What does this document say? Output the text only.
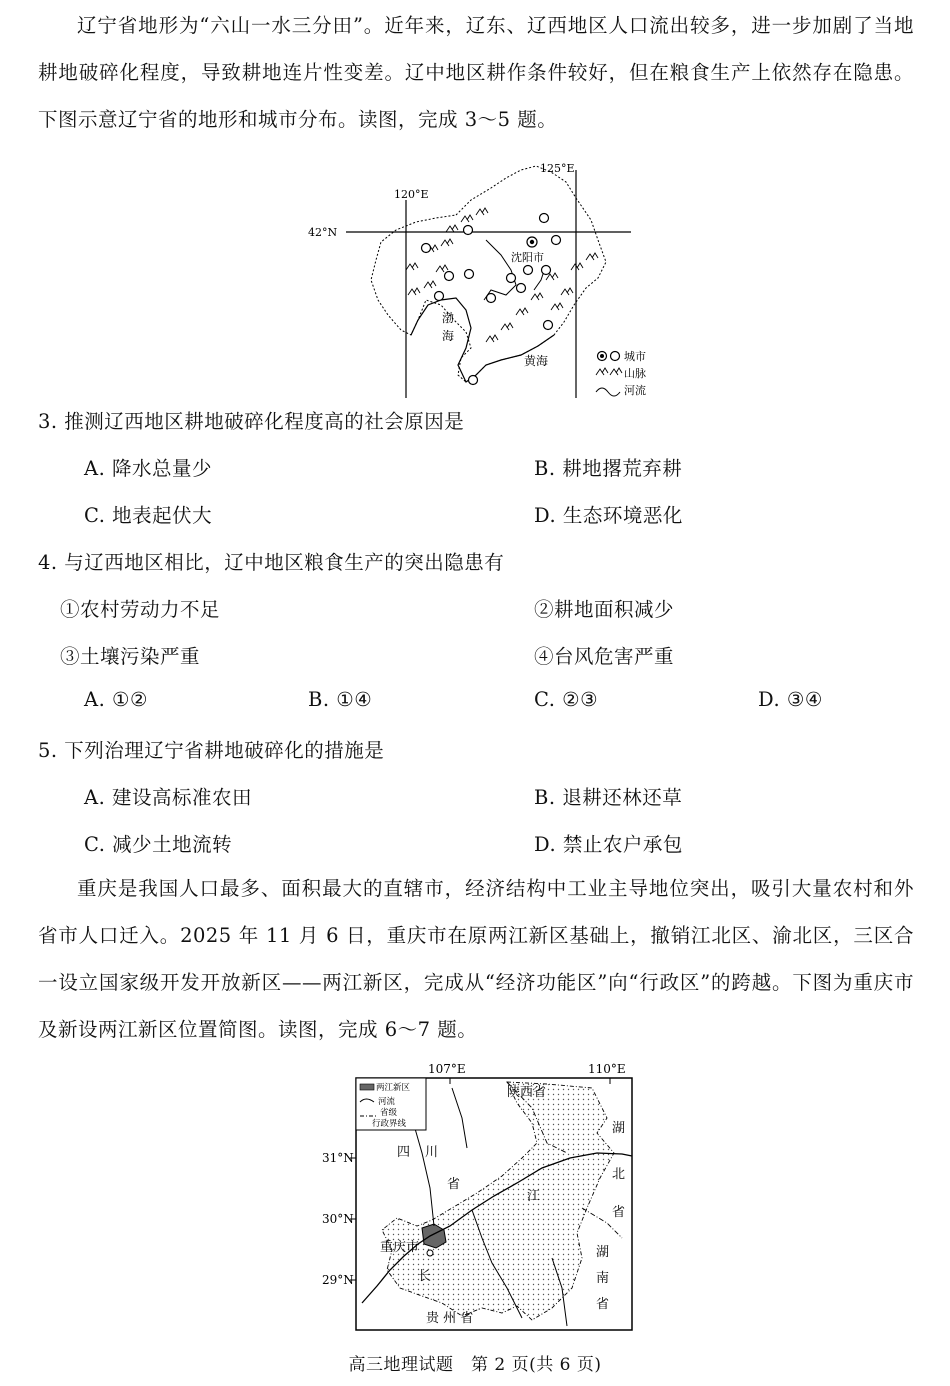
辽宁省地形为“六山一水三分田”。近年来，辽东、辽西地区人口流出较多，进一步加剧了当地耕地破碎化程度，导致耕地连片性变差。辽中地区耕作条件较好，但在粮食生产上依然存在隐患。下图示意辽宁省的地形和城市分布。读图，完成 3～5 题。
120°E
125°E
42°N
沈阳市
渤
海
黄海	城市
山脉
河流
3. 推测辽西地区耕地破碎化程度高的社会原因是
A. 降水总量少	B. 耕地撂荒弃耕
C. 地表起伏大	D. 生态环境恶化
4. 与辽西地区相比，辽中地区粮食生产的突出隐患有
①农村劳动力不足	②耕地面积减少
③土壤污染严重	④台风危害严重
A. ①②	B. ①④	C. ②③	D. ③④
5. 下列治理辽宁省耕地破碎化的措施是
A. 建设高标准农田	B. 退耕还林还草
C. 减少土地流转	D. 禁止农户承包
重庆是我国人口最多、面积最大的直辖市，经济结构中工业主导地位突出，吸引大量农村和外省市人口迁入。2025 年 11 月 6 日，重庆市在原两江新区基础上，撤销江北区、渝北区，三区合一设立国家级开发开放新区——两江新区，完成从“经济功能区”向“行政区”的跨越。下图为重庆市及新设两江新区位置简图。读图，完成 6～7 题。
两江新区
河流
省级
行政界线
107°E	110°E
31°N
30°N
29°N
陕西省
四 川
省
湖
北
省
湖
南
省
贵 州 省
重庆市
江
长
高三地理试题　第 2 页(共 6 页)
